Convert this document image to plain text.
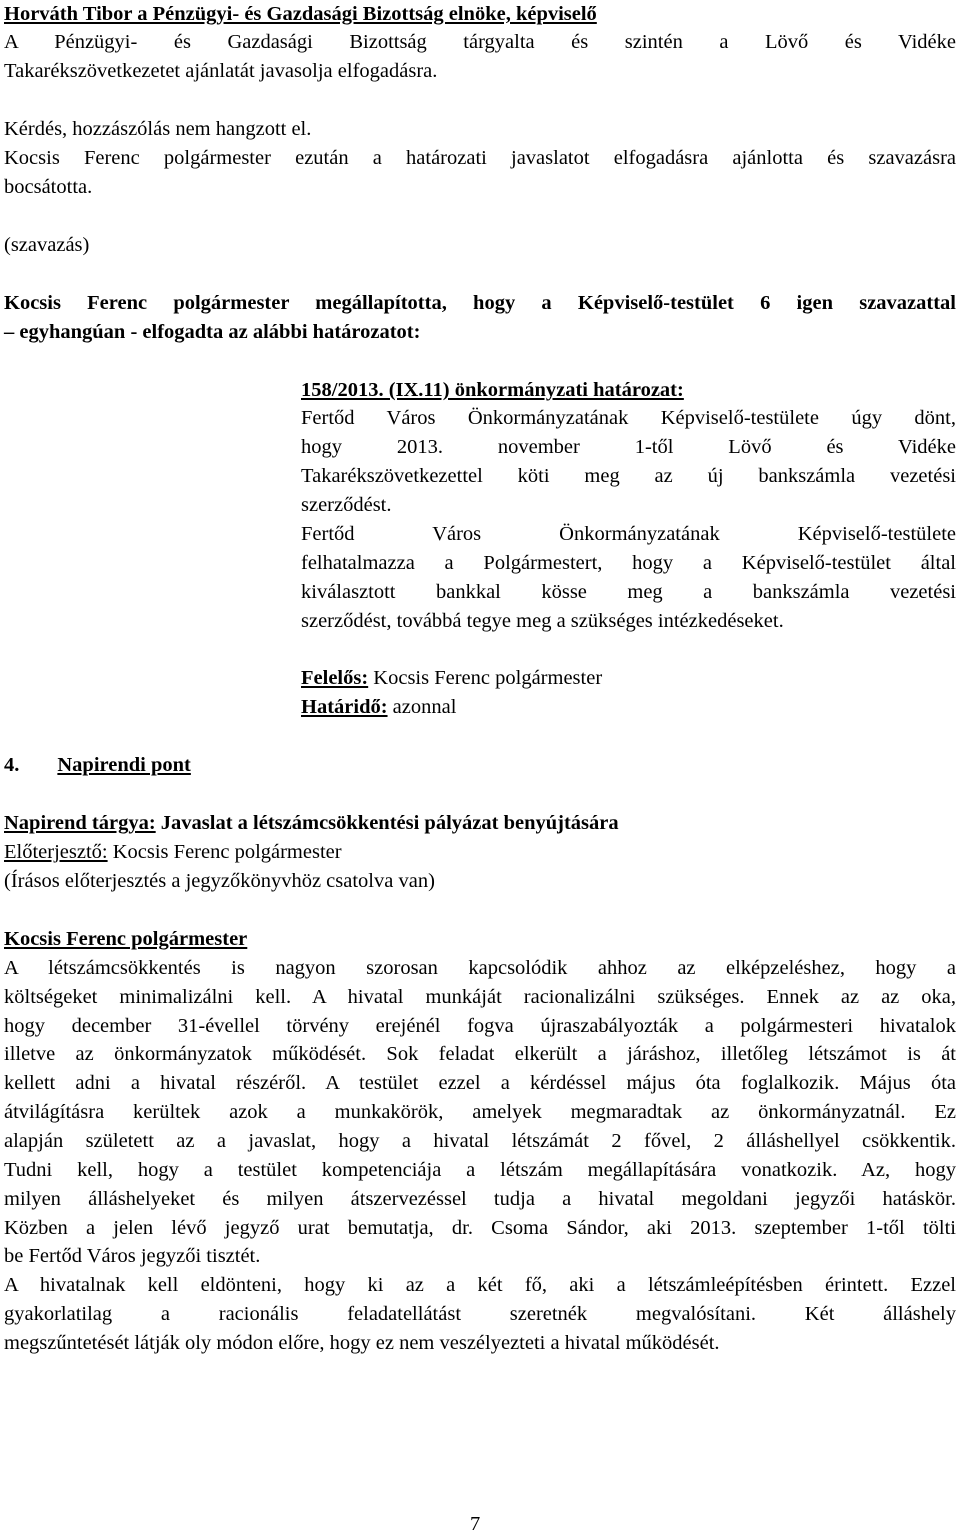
Horváth Tibor a Pénzügyi- és Gazdasági Bizottság elnöke, képviselő
A Pénzügyi- és Gazdasági Bizottság tárgyalta és szintén a Lövő és Vidéke
Takarékszövetkezetet ajánlatát javasolja elfogadásra.
Kérdés, hozzászólás nem hangzott el.
Kocsis Ferenc polgármester ezután a határozati javaslatot elfogadásra ajánlotta és szavazásra
bocsátotta.
(szavazás)
Kocsis Ferenc polgármester megállapította, hogy a Képviselő-testület 6 igen szavazattal
– egyhangúan - elfogadta az alábbi határozatot:
158/2013. (IX.11) önkormányzati határozat:
Fertőd Város Önkormányzatának Képviselő-testülete úgy dönt,
hogy 2013. november 1-től Lövő és Vidéke
Takarékszövetkezettel köti meg az új bankszámla vezetési
szerződést.
Fertőd Város Önkormányzatának Képviselő-testülete
felhatalmazza a Polgármestert, hogy a Képviselő-testület által
kiválasztott bankkal kösse meg a bankszámla vezetési
szerződést, továbbá tegye meg a szükséges intézkedéseket.
Felelős: Kocsis Ferenc polgármester
Határidő: azonnal
4. Napirendi pont
Napirend tárgya: Javaslat a létszámcsökkentési pályázat benyújtására
Előterjesztő: Kocsis Ferenc polgármester
(Írásos előterjesztés a jegyzőkönyvhöz csatolva van)
Kocsis Ferenc polgármester
A létszámcsökkentés is nagyon szorosan kapcsolódik ahhoz az elképzeléshez, hogy a
költségeket minimalizálni kell. A hivatal munkáját racionalizálni szükséges. Ennek az az oka,
hogy december 31-évellel törvény erejénél fogva újraszabályozták a polgármesteri hivatalok
illetve az önkormányzatok működését. Sok feladat elkerült a járáshoz, illetőleg létszámot is át
kellett adni a hivatal részéről. A testület ezzel a kérdéssel május óta foglalkozik. Május óta
átvilágításra kerültek azok a munkakörök, amelyek megmaradtak az önkormányzatnál. Ez
alapján született az a javaslat, hogy a hivatal létszámát 2 fővel, 2 álláshellyel csökkentik.
Tudni kell, hogy a testület kompetenciája a létszám megállapítására vonatkozik. Az, hogy
milyen álláshelyeket és milyen átszervezéssel tudja a hivatal megoldani jegyzői hatáskör.
Közben a jelen lévő jegyző urat bemutatja, dr. Csoma Sándor, aki 2013. szeptember 1-től tölti
be Fertőd Város jegyzői tisztét.
A hivatalnak kell eldönteni, hogy ki az a két fő, aki a létszámleépítésben érintett. Ezzel
gyakorlatilag a racionális feladatellátást szeretnék megvalósítani. Két álláshely
megszűntetését látják oly módon előre, hogy ez nem veszélyezteti a hivatal működését.
7
